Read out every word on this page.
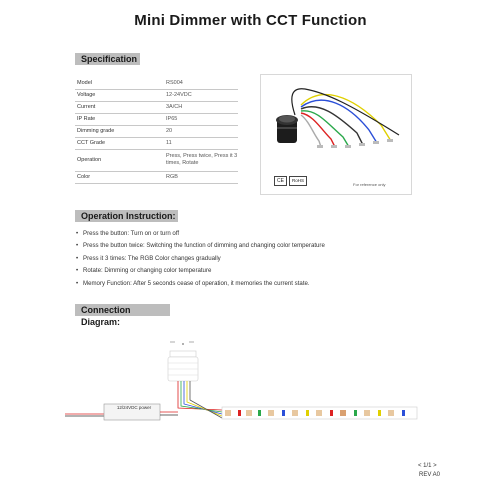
Mini Dimmer with CCT Function
Specification
Model	RS004
Voltage	12-24VDC
Current	3A/CH
IP Rate	IP65
Dimming grade	20
CCT Grade	11
Operation	Press, Press twice, Press it 3 times, Rotate
Color	RGB
CE	RoHS
For reference only
Operation Instruction:
• Press the button: Turn on or turn off
• Press the button twice: Switching the function of dimming and changing color temperature
• Press it 3 times: The RGB Color changes gradually
• Rotate: Dimming or changing color temperature
• Memory Function: After 5 seconds cease of operation, it memories the current state.
Connection Diagram:
12/24VDC power
< 1/1 >
REV A0
